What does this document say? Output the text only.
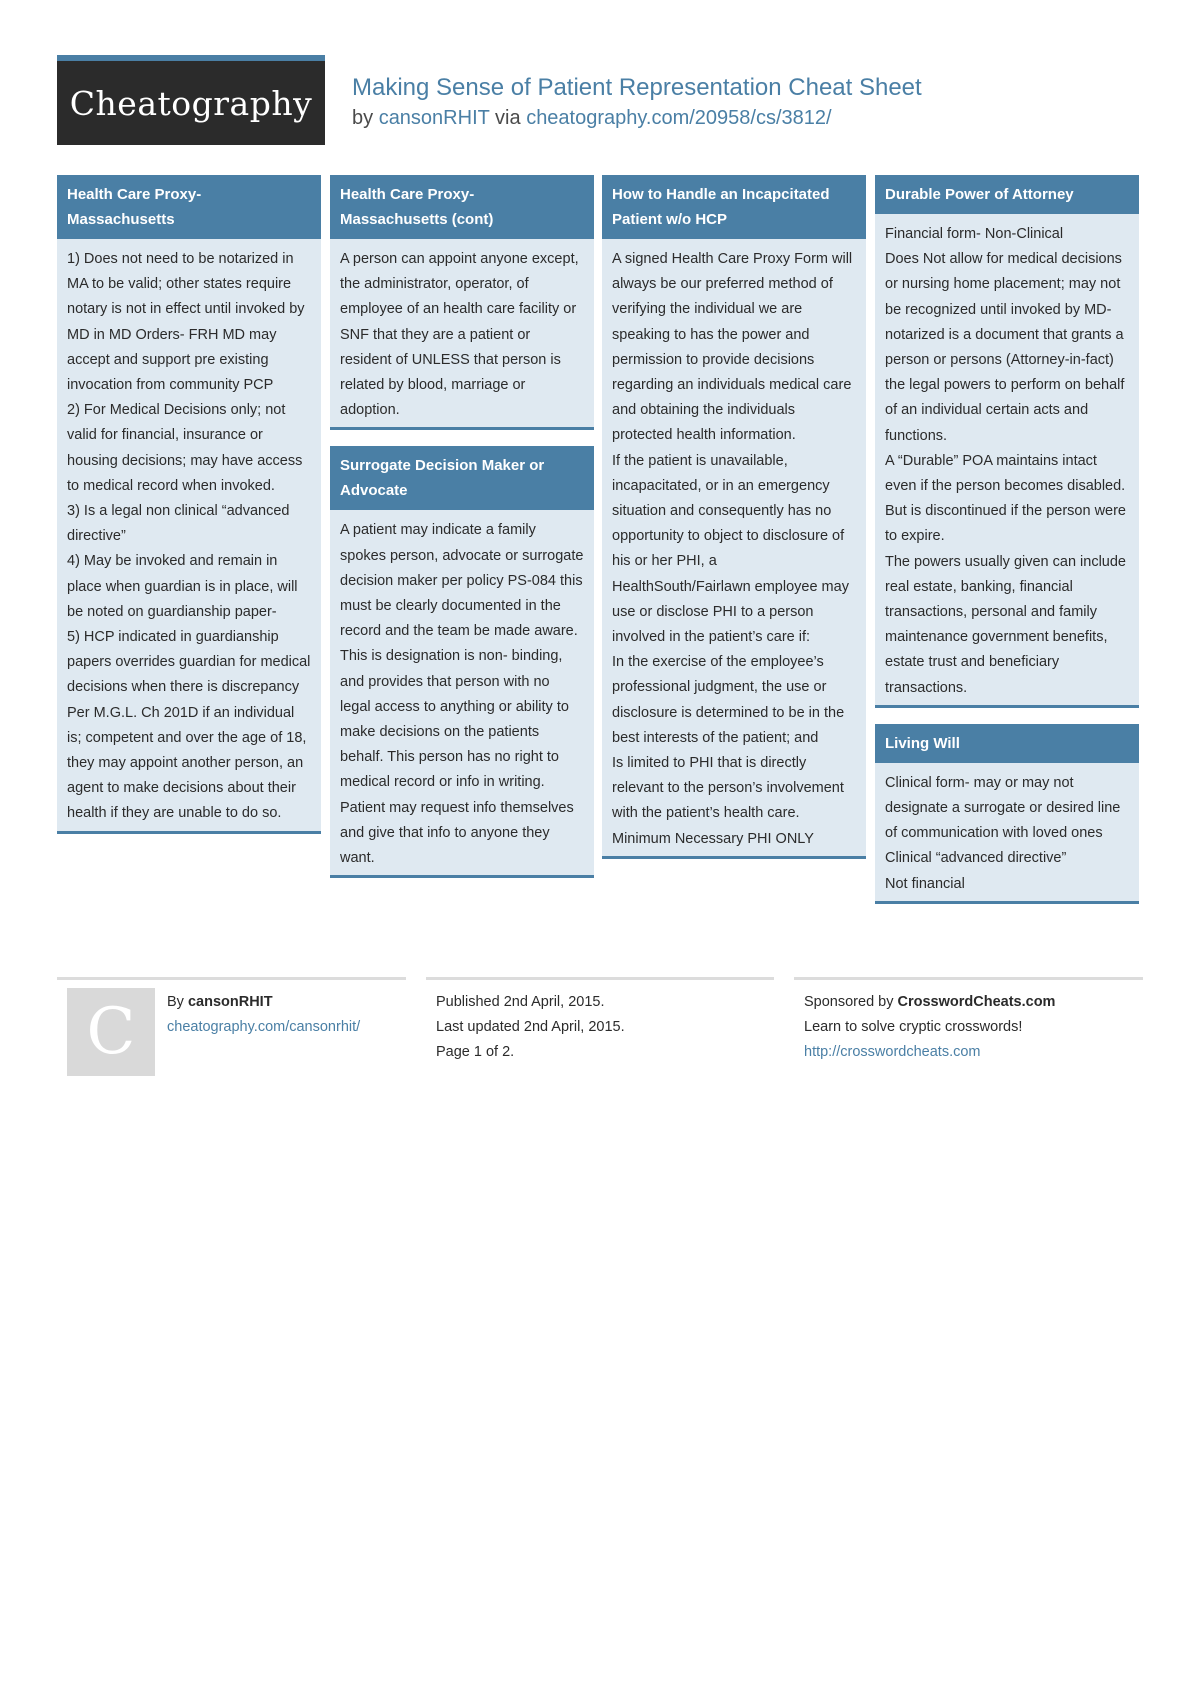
Cheatography Making Sense of Patient Representation Cheat Sheet
by cansonRHIT via cheatography.com/20958/cs/3812/
Health Care Proxy- Massachusetts

1) Does not need to be notarized in MA to be valid; other states require notary is not in effect until invoked by MD in MD Orders- FRH MD may accept and support pre existing invocation from community PCP

2) For Medical Decisions only; not valid for financial, insurance or housing decisions; may have access to medical record when invoked.

3) Is a legal non clinical “advanced directive”

4) May be invoked and remain in place when guardian is in place, will be noted on guardianship paper-

5) HCP indicated in guardianship papers overrides guardian for medical decisions when there is discrepancy

Per M.G.L. Ch 201D if an individual is; competent and over the age of 18, they may appoint another person, an agent to make decisions about their health if they are unable to do so.

Health Care Proxy- Massachusetts (cont)

A person can appoint anyone except, the administrator, operator, of employee of an health care facility or SNF that they are a patient or resident of UNLESS that person is related by blood, marriage or adoption.

Surrogate Decision Maker or Advocate

A patient may indicate a family spokes person, advocate or surrogate decision maker per policy PS-084 this must be clearly documented in the record and the team be made aware. This is designation is non- binding, and provides that person with no legal access to anything or ability to make decisions on the patients behalf. This person has no right to medical record or info in writing. Patient may request info themselves and give that info to anyone they want.

How to Handle an Incapcitated Patient w/o HCP

A signed Health Care Proxy Form will always be our preferred method of verifying the individual we are speaking to has the power and permission to provide decisions regarding an individuals medical care and obtaining the individuals protected health information.

If the patient is unavailable, incapacitated, or in an emergency situation and consequently has no opportunity to object to disclosure of his or her PHI, a HealthSouth/Fairlawn employee may use or disclose PHI to a person involved in the patient’s care if:

In the exercise of the employee’s professional judgment, the use or disclosure is determined to be in the best interests of the patient; and

Is limited to PHI that is directly relevant to the person’s involvement with the patient’s health care.

Minimum Necessary PHI ONLY

Durable Power of Attorney

Financial form- Non-Clinical

Does Not allow for medical decisions or nursing home placement; may not be recognized until invoked by MD- notarized is a document that grants a person or persons (Attorney-in-fact) the legal powers to perform on behalf of an individual certain acts and functions.

A “Durable” POA maintains intact even if the person becomes disabled. But is discontinued if the person were to expire.

The powers usually given can include real estate, banking, financial transactions, personal and family maintenance government benefits, estate trust and beneficiary transactions.

Living Will

Clinical form- may or may not designate a surrogate or desired line of communication with loved ones

Clinical “advanced directive”

Not financial

C By cansonRHIT
cheatography.com/cansonrhit/
Published 2nd April, 2015.
Last updated 2nd April, 2015.
Page 1 of 2.
Sponsored by CrosswordCheats.com
Learn to solve cryptic crosswords!
http://crosswordcheats.com
